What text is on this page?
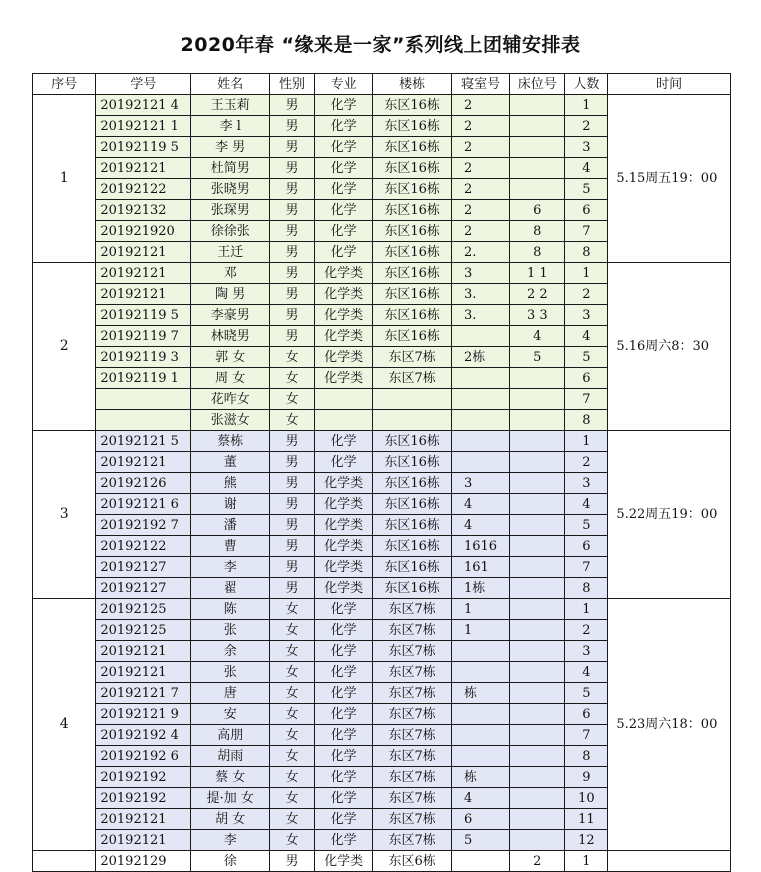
2020年春 “缘来是一家”系列线上团辅安排表
序号	学号	姓名	性别	专业	楼栋	寝室号	床位号	人数	时间
1	20192121 4	王玉莉	男	化学	东区16栋	2		1	5.15周五19：00
	20192121 1	李 l	男	化学	东区16栋	2		2	
	20192119 5	李 男	男	化学	东区16栋	2		3	
	20192121	杜简男	男	化学	东区16栋	2		4	
	20192122	张晓男	男	化学	东区16栋	2		5	
	20192132	张琛男	男	化学	东区16栋	2	6	6	
	201921920	徐徐张	男	化学	东区16栋	2	8	7	
	20192121	王迁	男	化学	东区16栋	2.	8	8	
2	20192121	邓	男	化学类	东区16栋	3	1 1	1	5.16周六8：30
	20192121	陶 男	男	化学类	东区16栋	3.	2 2	2	
	20192119 5	李豪男	男	化学类	东区16栋	3.	3 3	3	
	20192119 7	林晓男	男	化学类	东区16栋		4	4	
	20192119 3	郭 女	女	化学类	东区7栋	2栋	5	5	
	20192119 1	周 女	女	化学类	东区7栋			6	
		花咋女	女					7	
		张滋女	女					8	
3	20192121 5	蔡栋	男	化学	东区16栋			1	5.22周五19：00
	20192121	董	男	化学	东区16栋			2	
	20192126	熊	男	化学类	东区16栋	3		3	
	20192121 6	谢	男	化学类	东区16栋	4		4	
	20192192 7	潘	男	化学类	东区16栋	4		5	
	20192122	曹	男	化学类	东区16栋	1616		6	
	20192127	李	男	化学类	东区16栋	161		7	
	20192127	翟	男	化学类	东区16栋	1栋		8	
4	20192125	陈	女	化学	东区7栋	1		1	5.23周六18：00
	20192125	张	女	化学	东区7栋	1		2	
	20192121	余	女	化学	东区7栋			3	
	20192121	张	女	化学	东区7栋			4	
	20192121 7	唐	女	化学	东区7栋	栋		5	
	20192121 9	安	女	化学	东区7栋			6	
	20192192 4	高朋	女	化学	东区7栋			7	
	20192192 6	胡雨	女	化学	东区7栋			8	
	20192192	蔡 女	女	化学	东区7栋	栋		9	
	20192192	提·加 女	女	化学	东区7栋	4		10	
	20192121	胡 女	女	化学	东区7栋	6		11	
	20192121	李	女	化学	东区7栋	5		12	
	20192129	徐	男	化学类	东区6栋		2	1	
